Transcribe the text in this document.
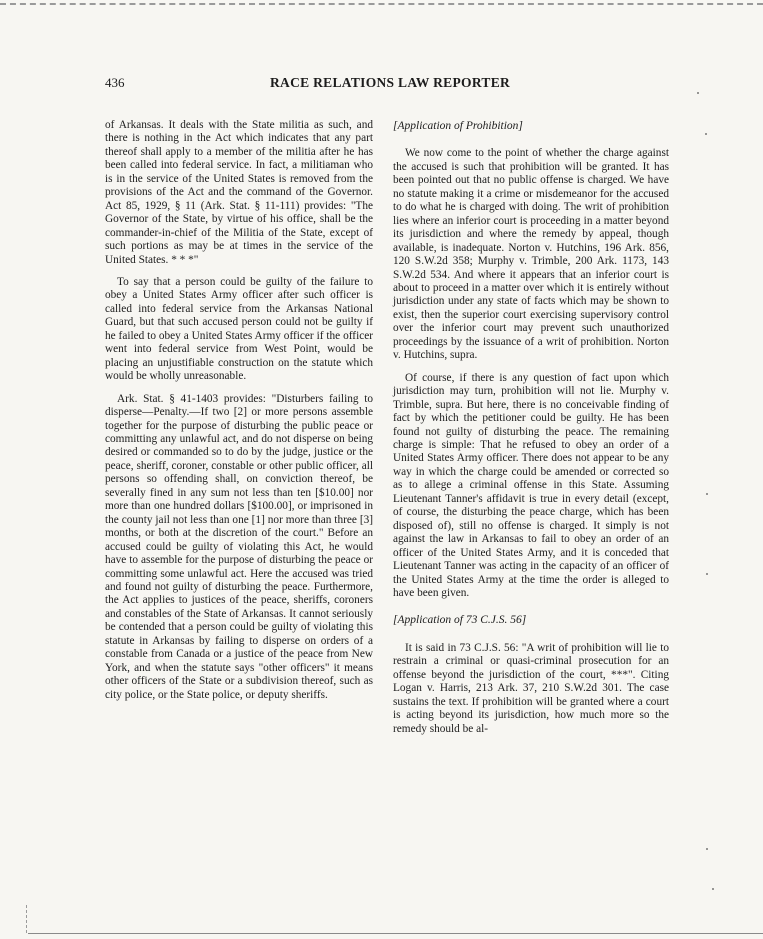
436	RACE RELATIONS LAW REPORTER

of Arkansas. It deals with the State militia as such, and there is nothing in the Act which indicates that any part thereof shall apply to a member of the militia after he has been called into federal service. In fact, a militiaman who is in the service of the United States is removed from the provisions of the Act and the command of the Governor. Act 85, 1929, § 11 (Ark. Stat. § 11-111) provides: "The Governor of the State, by virtue of his office, shall be the commander-in-chief of the Militia of the State, except of such portions as may be at times in the service of the United States. * * *"

To say that a person could be guilty of the failure to obey a United States Army officer after such officer is called into federal service from the Arkansas National Guard, but that such accused person could not be guilty if he failed to obey a United States Army officer if the officer went into federal service from West Point, would be placing an unjustifiable construction on the statute which would be wholly unreasonable.

Ark. Stat. § 41-1403 provides: "Disturbers failing to disperse—Penalty.—If two [2] or more persons assemble together for the purpose of disturbing the public peace or committing any unlawful act, and do not disperse on being desired or commanded so to do by the judge, justice or the peace, sheriff, coroner, constable or other public officer, all persons so offending shall, on conviction thereof, be severally fined in any sum not less than ten [$10.00] nor more than one hundred dollars [$100.00], or imprisoned in the county jail not less than one [1] nor more than three [3] months, or both at the discretion of the court." Before an accused could be guilty of violating this Act, he would have to assemble for the purpose of disturbing the peace or committing some unlawful act. Here the accused was tried and found not guilty of disturbing the peace. Furthermore, the Act applies to justices of the peace, sheriffs, coroners and constables of the State of Arkansas. It cannot seriously be contended that a person could be guilty of violating this statute in Arkansas by failing to disperse on orders of a constable from Canada or a justice of the peace from New York, and when the statute says "other officers" it means other officers of the State or a subdivision thereof, such as city police, or the State police, or deputy sheriffs.

[Application of Prohibition]

We now come to the point of whether the charge against the accused is such that prohibition will be granted. It has been pointed out that no public offense is charged. We have no statute making it a crime or misdemeanor for the accused to do what he is charged with doing. The writ of prohibition lies where an inferior court is proceeding in a matter beyond its jurisdiction and where the remedy by appeal, though available, is inadequate. Norton v. Hutchins, 196 Ark. 856, 120 S.W.2d 358; Murphy v. Trimble, 200 Ark. 1173, 143 S.W.2d 534. And where it appears that an inferior court is about to proceed in a matter over which it is entirely without jurisdiction under any state of facts which may be shown to exist, then the superior court exercising supervisory control over the inferior court may prevent such unauthorized proceedings by the issuance of a writ of prohibition. Norton v. Hutchins, supra.

Of course, if there is any question of fact upon which jurisdiction may turn, prohibition will not lie. Murphy v. Trimble, supra. But here, there is no conceivable finding of fact by which the petitioner could be guilty. He has been found not guilty of disturbing the peace. The remaining charge is simple: That he refused to obey an order of a United States Army officer. There does not appear to be any way in which the charge could be amended or corrected so as to allege a criminal offense in this State. Assuming Lieutenant Tanner's affidavit is true in every detail (except, of course, the disturbing the peace charge, which has been disposed of), still no offense is charged. It simply is not against the law in Arkansas to fail to obey an order of an officer of the United States Army, and it is conceded that Lieutenant Tanner was acting in the capacity of an officer of the United States Army at the time the order is alleged to have been given.

[Application of 73 C.J.S. 56]

It is said in 73 C.J.S. 56: "A writ of prohibition will lie to restrain a criminal or quasi-criminal prosecution for an offense beyond the jurisdiction of the court, ***". Citing Logan v. Harris, 213 Ark. 37, 210 S.W.2d 301. The case sustains the text. If prohibition will be granted where a court is acting beyond its jurisdiction, how much more so the remedy should be al-
